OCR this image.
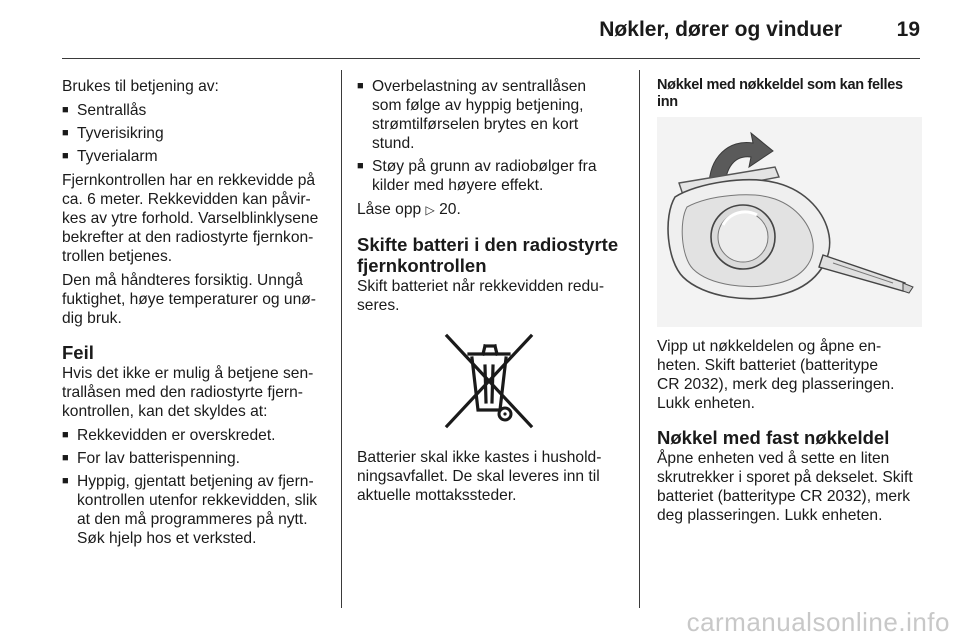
Nøkler, dører og vinduer	19
Brukes til betjening av:
■ Sentrallås
■ Tyverisikring
■ Tyverialarm
Fjernkontrollen har en rekkevidde på
ca. 6 meter. Rekkevidden kan påvir-
kes av ytre forhold. Varselblinklysene
bekrefter at den radiostyrte fjernkon-
trollen betjenes.
Den må håndteres forsiktig. Unngå
fuktighet, høye temperaturer og unø-
dig bruk.
Feil
Hvis det ikke er mulig å betjene sen-
trallåsen med den radiostyrte fjern-
kontrollen, kan det skyldes at:
■ Rekkevidden er overskredet.
■ For lav batterispenning.
■ Hyppig, gjentatt betjening av fjern-
kontrollen utenfor rekkevidden, slik
at den må programmeres på nytt.
Søk hjelp hos et verksted.
■ Overbelastning av sentrallåsen
som følge av hyppig betjening,
strømtilførselen brytes en kort
stund.
■ Støy på grunn av radiobølger fra
kilder med høyere effekt.
Låse opp ▷ 20.
Skifte batteri i den radiostyrte
fjernkontrollen
Skift batteriet når rekkevidden redu-
seres.
Batterier skal ikke kastes i hushold-
ningsavfallet. De skal leveres inn til
aktuelle mottakssteder.
Nøkkel med nøkkeldel som kan felles
inn
Vipp ut nøkkeldelen og åpne en-
heten. Skift batteriet (batteritype
CR 2032), merk deg plasseringen.
Lukk enheten.
Nøkkel med fast nøkkeldel
Åpne enheten ved å sette en liten
skrutrekker i sporet på dekselet. Skift
batteriet (batteritype CR 2032), merk
deg plasseringen. Lukk enheten.
carmanualsonline.info
